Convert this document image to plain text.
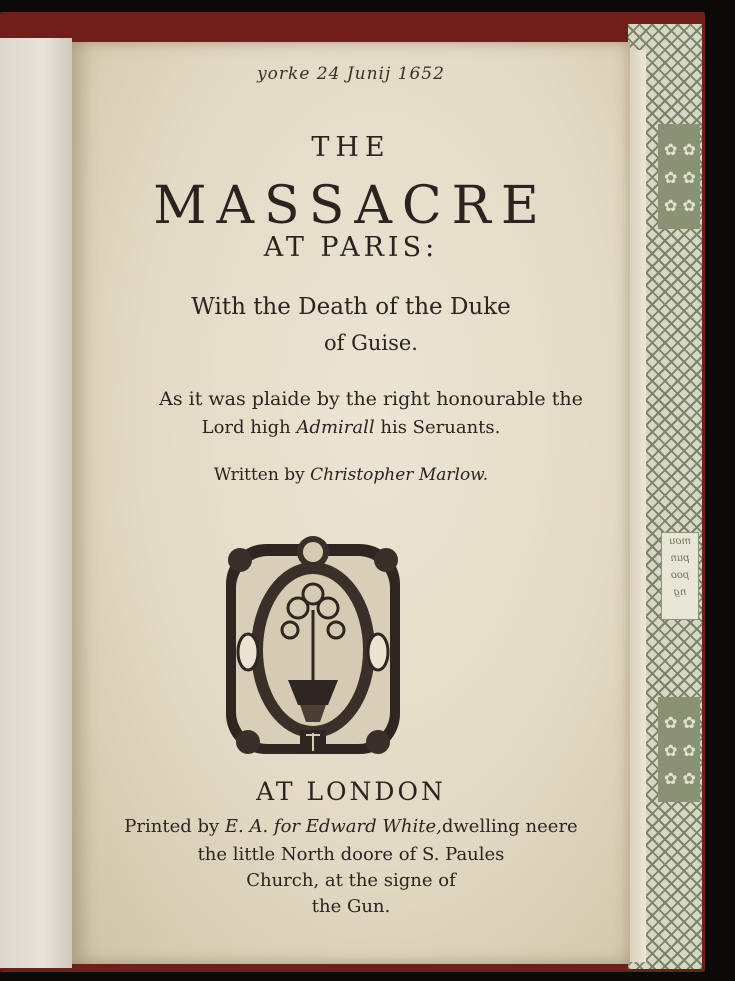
✿ ✿ ✿ ✿ ✿ ✿
✿ ✿ ✿ ✿ ✿ ✿
mou
pun
poo
ng
yorke 24 Junij 1652
THE
MASSACRE
AT PARIS:
With the Death of the Duke
of Guise.
As it was plaide by the right honourable the
Lord high Admirall his Seruants.
Written by Christopher Marlow.
AT LONDON
Printed by E. A. for Edward White,dwelling neere
the little North doore of S. Paules
Church, at the signe of
the Gun.
